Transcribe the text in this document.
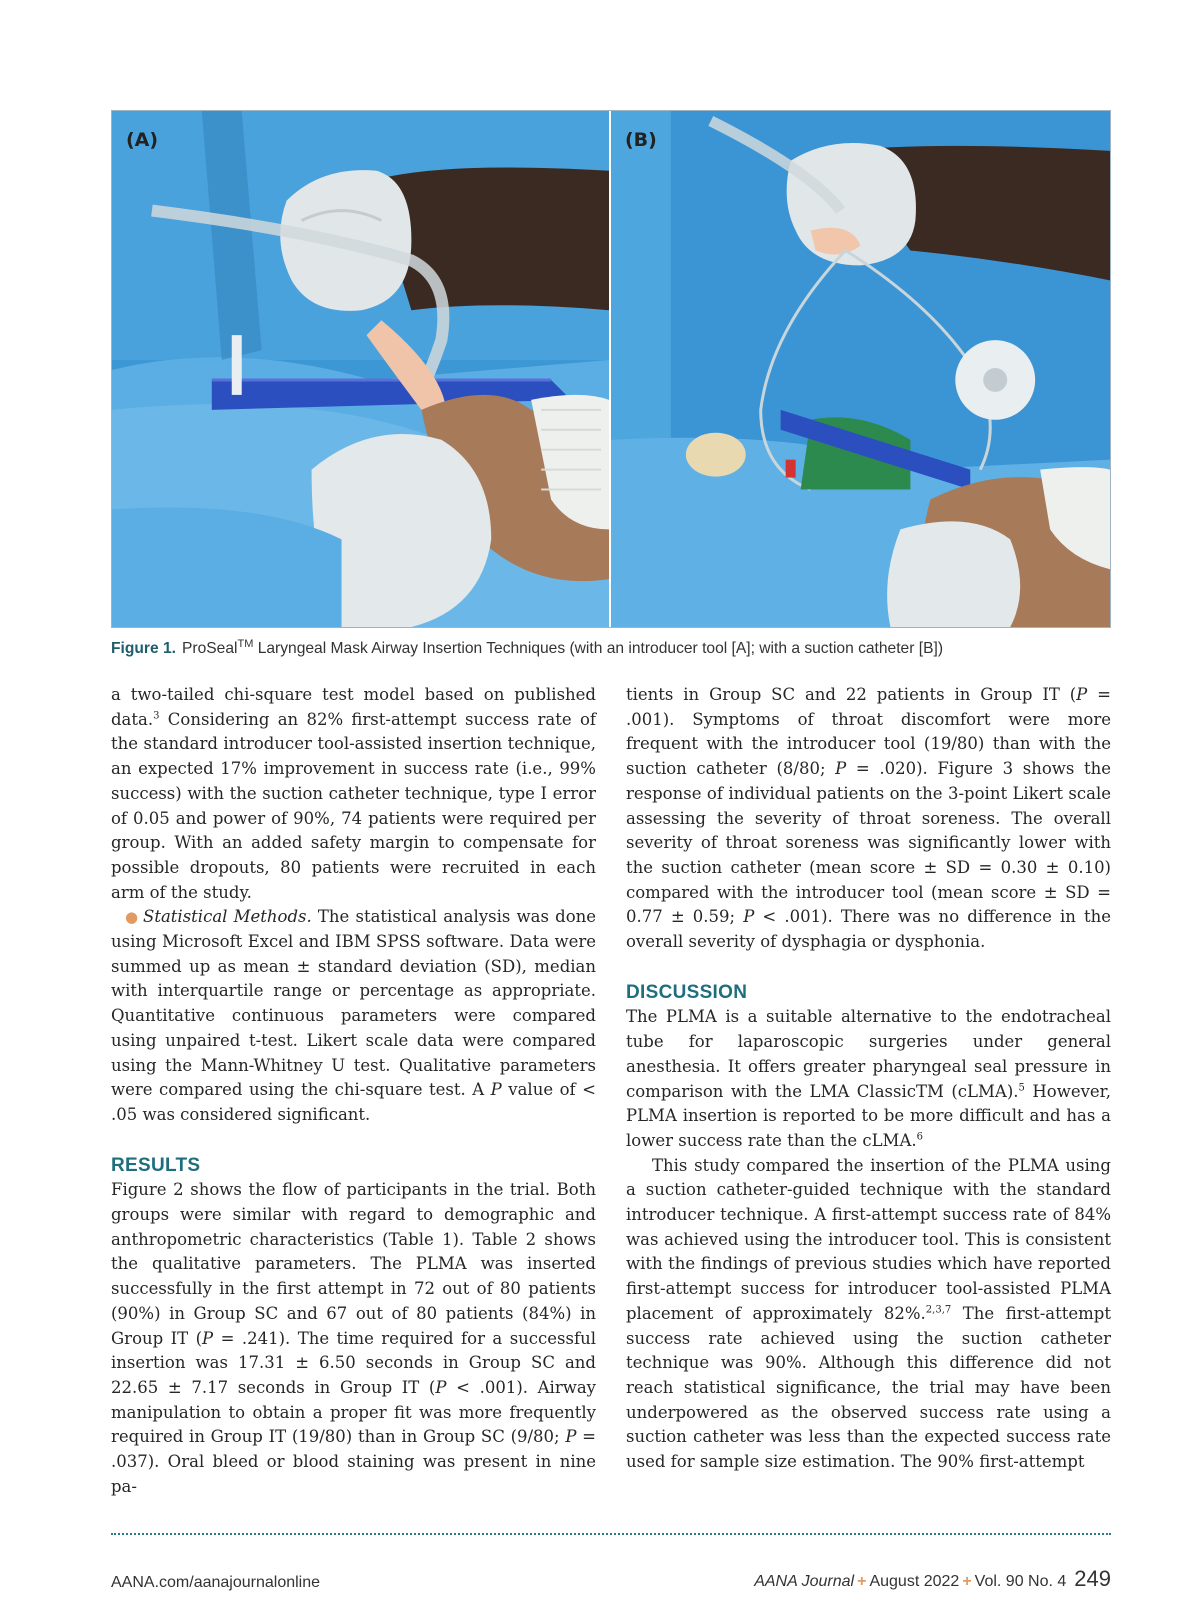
(A)	(B)
Figure 1. ProSeal™ Laryngeal Mask Airway Insertion Techniques (with an introducer tool [A]; with a suction catheter [B])

a two-tailed chi-square test model based on published data.$^3$ Considering an 82% first-attempt success rate of the standard introducer tool-assisted insertion technique, an expected 17% improvement in success rate (i.e., 99% success) with the suction catheter technique, type I error of 0.05 and power of 90%, 74 patients were required per group. With an added safety margin to compensate for possible dropouts, 80 patients were recruited in each arm of the study.

● Statistical Methods. The statistical analysis was done using Microsoft Excel and IBM SPSS software. Data were summed up as mean ± standard deviation (SD), median with interquartile range or percentage as appropriate. Quantitative continuous parameters were compared using unpaired t-test. Likert scale data were compared using the Mann-Whitney U test. Qualitative parameters were compared using the chi-square test. A P value of < .05 was considered significant.

RESULTS

Figure 2 shows the flow of participants in the trial. Both groups were similar with regard to demographic and anthropometric characteristics (Table 1). Table 2 shows the qualitative parameters. The PLMA was inserted successfully in the first attempt in 72 out of 80 patients (90%) in Group SC and 67 out of 80 patients (84%) in Group IT (P = .241). The time required for a successful insertion was 17.31 ± 6.50 seconds in Group SC and 22.65 ± 7.17 seconds in Group IT (P < .001). Airway manipulation to obtain a proper fit was more frequently required in Group IT (19/80) than in Group SC (9/80; P = .037). Oral bleed or blood staining was present in nine pa-

tients in Group SC and 22 patients in Group IT (P = .001). Symptoms of throat discomfort were more frequent with the introducer tool (19/80) than with the suction catheter (8/80; P = .020). Figure 3 shows the response of individual patients on the 3-point Likert scale assessing the severity of throat soreness. The overall severity of throat soreness was significantly lower with the suction catheter (mean score ± SD = 0.30 ± 0.10) compared with the introducer tool (mean score ± SD = 0.77 ± 0.59; P < .001). There was no difference in the overall severity of dysphagia or dysphonia.

DISCUSSION

The PLMA is a suitable alternative to the endotracheal tube for laparoscopic surgeries under general anesthesia. It offers greater pharyngeal seal pressure in comparison with the LMA ClassicTM (cLMA).$^5$ However, PLMA insertion is reported to be more difficult and has a lower success rate than the cLMA.$^6$

This study compared the insertion of the PLMA using a suction catheter-guided technique with the standard introducer technique. A first-attempt success rate of 84% was achieved using the introducer tool. This is consistent with the findings of previous studies which have reported first-attempt success for introducer tool-assisted PLMA placement of approximately 82%.$^{2,3,7}$ The first-attempt success rate achieved using the suction catheter technique was 90%. Although this difference did not reach statistical significance, the trial may have been underpowered as the observed success rate using a suction catheter was less than the expected success rate used for sample size estimation. The 90% first-attempt

AANA.com/aanajournalonline	AANA Journal + August 2022 + Vol. 90 No. 4 249
